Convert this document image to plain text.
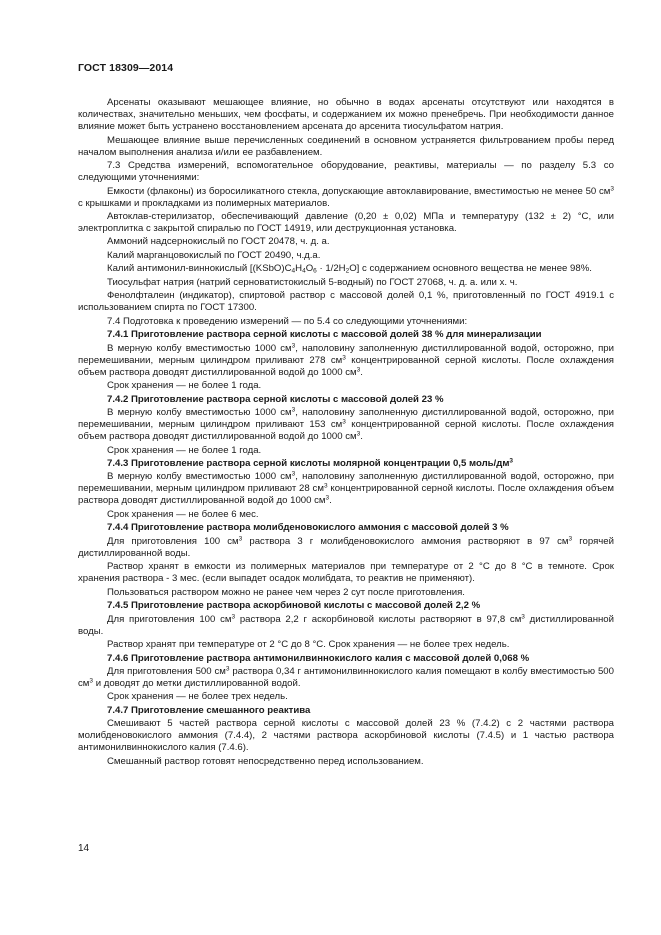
ГОСТ 18309—2014

Арсенаты оказывают мешающее влияние, но обычно в водах арсенаты отсутствуют или находятся в количествах, значительно меньших, чем фосфаты, и содержанием их можно пренебречь. При необходимости данное влияние может быть устранено восстановлением арсената до арсенита тиосульфатом натрия.

Мешающее влияние выше перечисленных соединений в основном устраняется фильтрованием пробы перед началом выполнения анализа и/или ее разбавлением.

7.3 Средства измерений, вспомогательное оборудование, реактивы, материалы — по разделу 5.3 со следующими уточнениями:

Емкости (флаконы) из боросиликатного стекла, допускающие автоклавирование, вместимостью не менее 50 $см^3$ с крышками и прокладками из полимерных материалов.

Автоклав-стерилизатор, обеспечивающий давление (0,20 ± 0,02) МПа и температуру (132 ± 2) °С, или электроплитка с закрытой спиралью по ГОСТ 14919, или деструкционная установка.

Аммоний надсернокислый по ГОСТ 20478, ч. д. а.

Калий марганцовокислый по ГОСТ 20490, ч.д.а.

Калий антимонил-виннокислый $[(KSbO)C_4H_4O_6 \cdot 1/2H_2O]$ с содержанием основного вещества не менее 98%.

Тиосульфат натрия (натрий серноватистокислый 5-водный) по ГОСТ 27068, ч. д. а. или х. ч.

Фенолфталеин (индикатор), спиртовой раствор с массовой долей 0,1 %, приготовленный по ГОСТ 4919.1 с использованием спирта по ГОСТ 17300.

7.4 Подготовка к проведению измерений — по 5.4 со следующими уточнениями:

7.4.1 Приготовление раствора серной кислоты с массовой долей 38 % для минерализации

В мерную колбу вместимостью 1000 $см^3$, наполовину заполненную дистиллированной водой, осторожно, при перемешивании, мерным цилиндром приливают 278 $см^3$ концентрированной серной кислоты. После охлаждения объем раствора доводят дистиллированной водой до 1000 $см^3$.

Срок хранения — не более 1 года.

7.4.2 Приготовление раствора серной кислоты с массовой долей 23 %

В мерную колбу вместимостью 1000 $см^3$, наполовину заполненную дистиллированной водой, осторожно, при перемешивании, мерным цилиндром приливают 153 $см^3$ концентрированной серной кислоты. После охлаждения объем раствора доводят дистиллированной водой до 1000 $см^3$.

Срок хранения — не более 1 года.

7.4.3 Приготовление раствора серной кислоты молярной концентрации 0,5 моль/$дм^3$

В мерную колбу вместимостью 1000 $см^3$, наполовину заполненную дистиллированной водой, осторожно, при перемешивании, мерным цилиндром приливают 28 $см^3$ концентрированной серной кислоты. После охлаждения объем раствора доводят дистиллированной водой до 1000 $см^3$.

Срок хранения — не более 6 мес.

7.4.4 Приготовление раствора молибденовокислого аммония с массовой долей 3 %

Для приготовления 100 $см^3$ раствора 3 г молибденовокислого аммония растворяют в 97 $см^3$ горячей дистиллированной воды.

Раствор хранят в емкости из полимерных материалов при температуре от 2 °С до 8 °С в темноте. Срок хранения раствора - 3 мес. (если выпадет осадок молибдата, то реактив не применяют).

Пользоваться раствором можно не ранее чем через 2 сут после приготовления.

7.4.5 Приготовление раствора аскорбиновой кислоты с массовой долей 2,2 %

Для приготовления 100 $см^3$ раствора 2,2 г аскорбиновой кислоты растворяют в 97,8 $см^3$ дистиллированной воды.

Раствор хранят при температуре от 2 °С до 8 °С. Срок хранения — не более трех недель.

7.4.6 Приготовление раствора антимонилвиннокислого калия с массовой долей 0,068 %

Для приготовления 500 $см^3$ раствора 0,34 г антимонилвиннокислого калия помещают в колбу вместимостью 500 $см^3$ и доводят до метки дистиллированной водой.

Срок хранения — не более трех недель.

7.4.7 Приготовление смешанного реактива

Смешивают 5 частей раствора серной кислоты с массовой долей 23 % (7.4.2) с 2 частями раствора молибденовокислого аммония (7.4.4), 2 частями раствора аскорбиновой кислоты (7.4.5) и 1 частью раствора антимонилвиннокислого калия (7.4.6).

Смешанный раствор готовят непосредственно перед использованием.

14
